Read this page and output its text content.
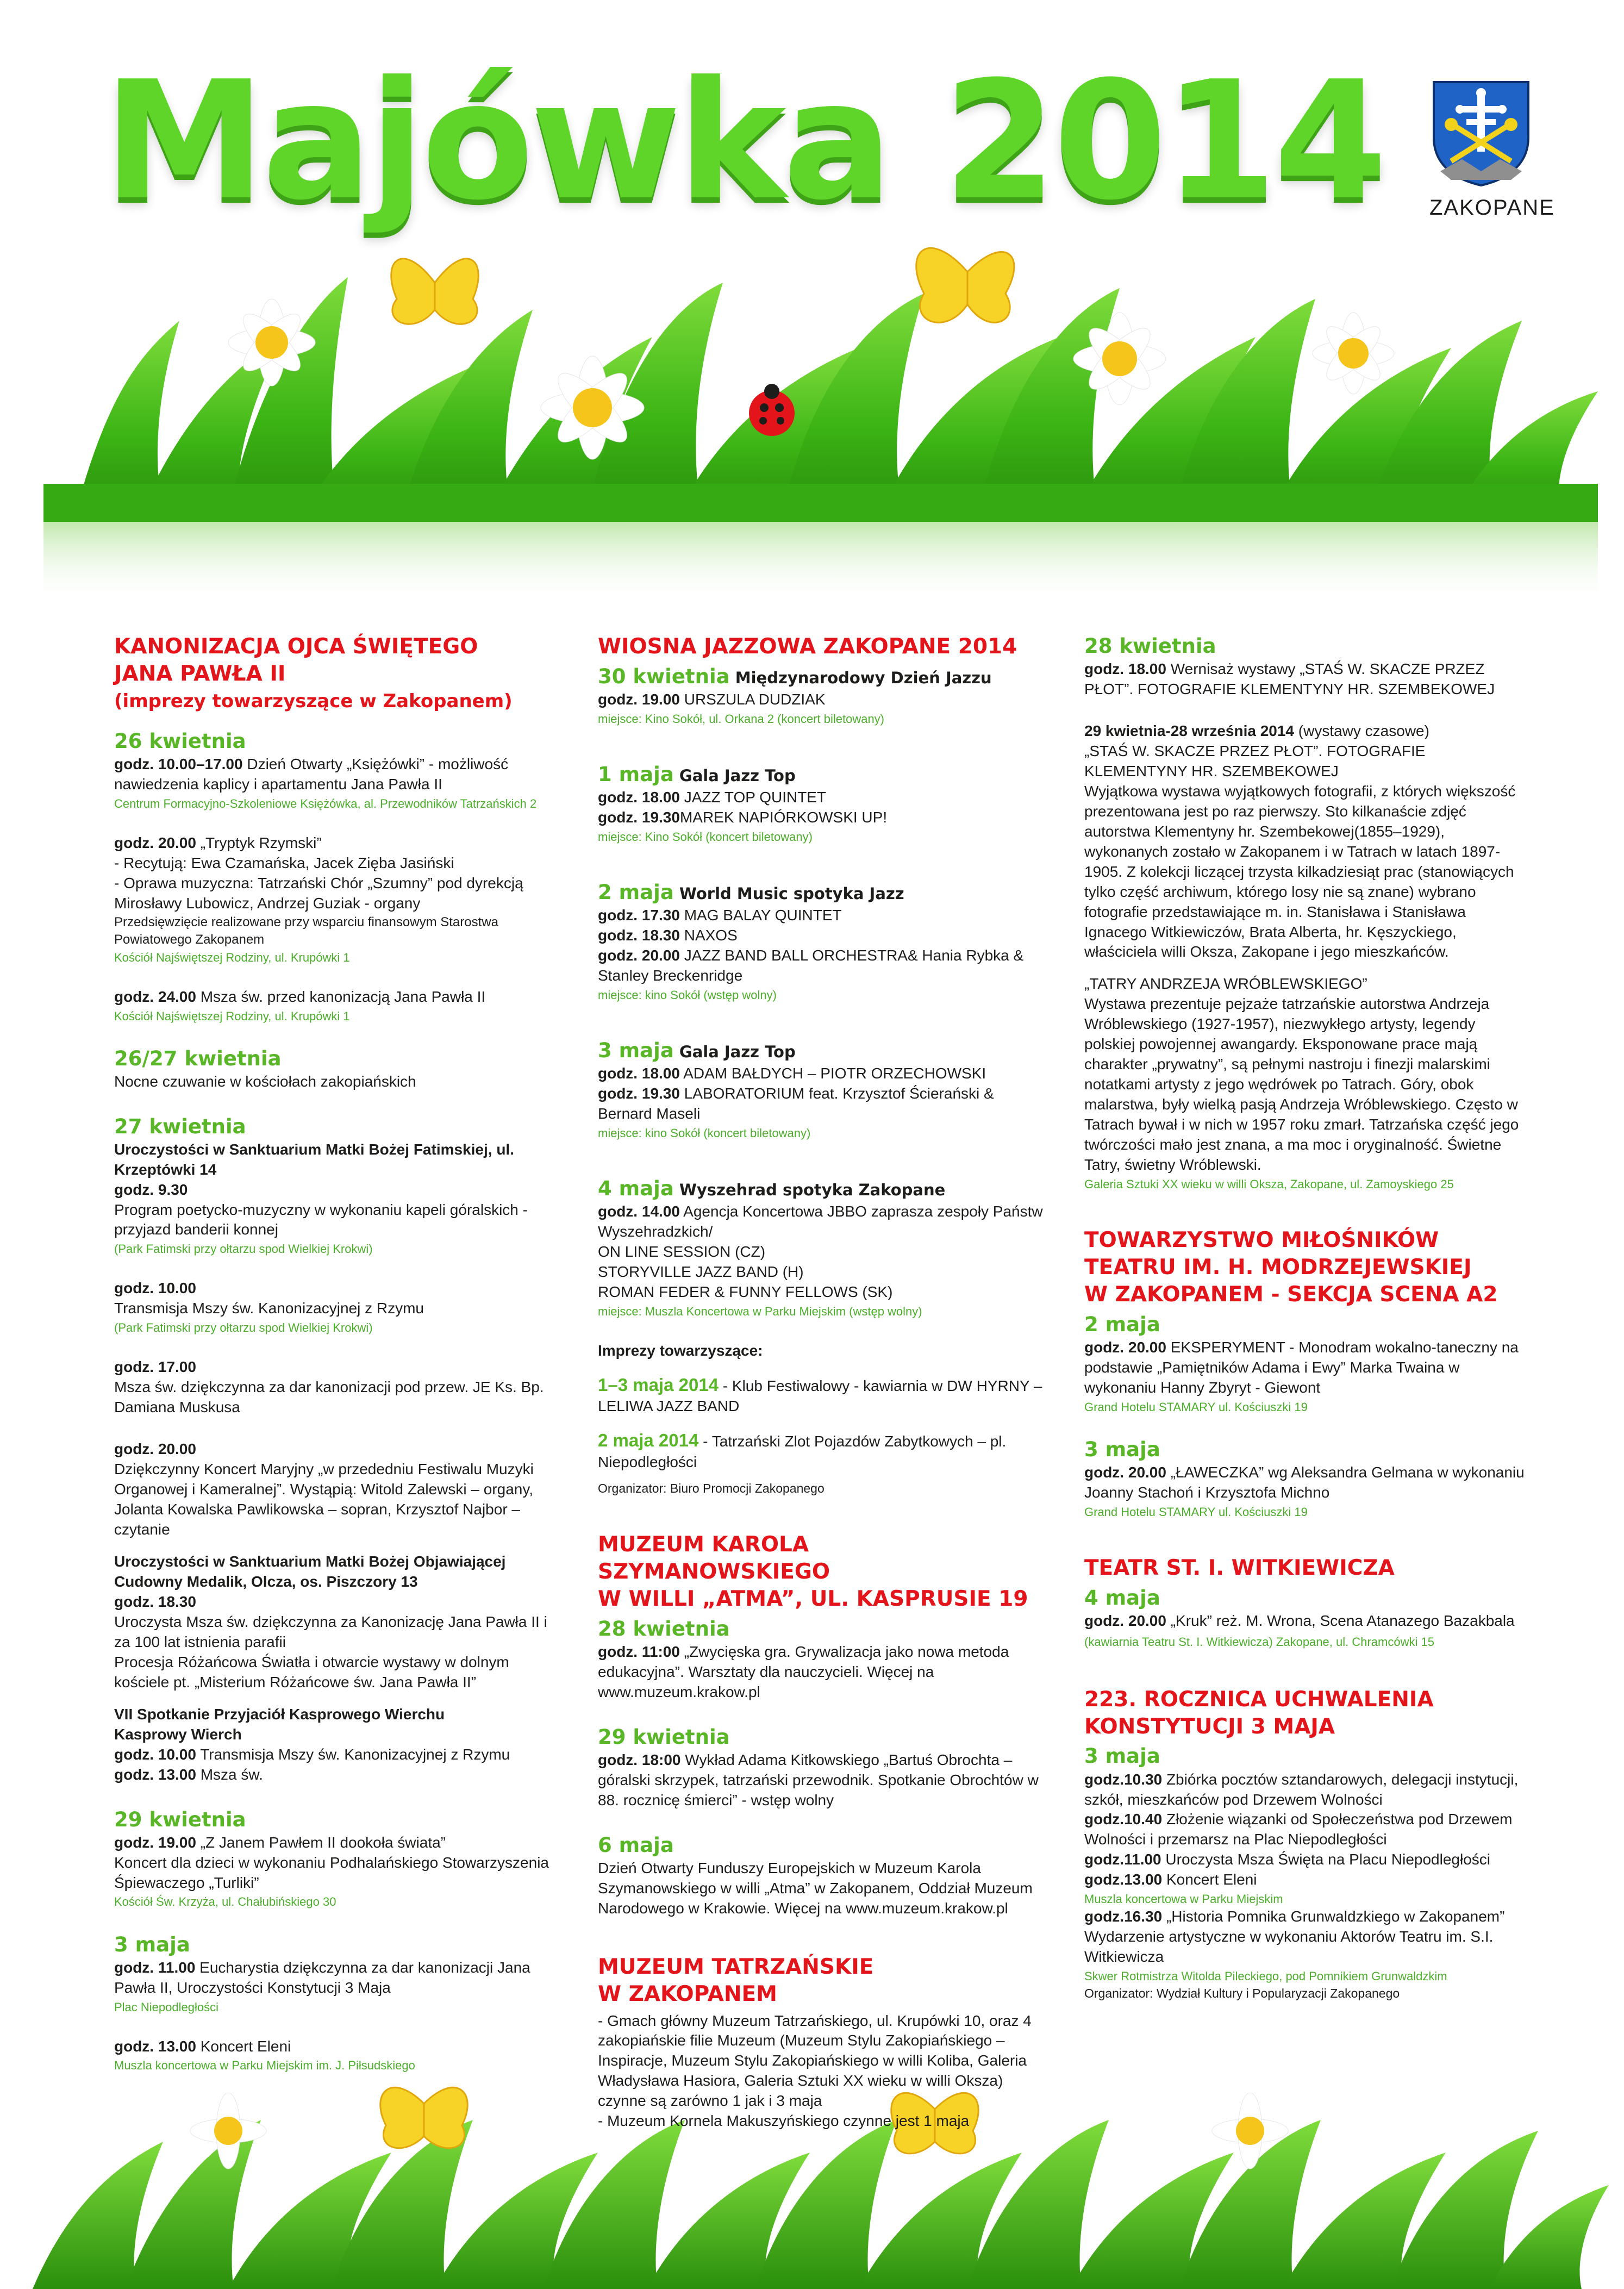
Majówka 2014 ZAKOPANE
KANONIZACJA OJCA ŚWIĘTEGO
JANA PAWŁA II
(imprezy towarzyszące w Zakopanem)
26 kwietnia

godz. 10.00–17.00 Dzień Otwarty „Księżówki” - możliwość nawiedzenia kaplicy i apartamentu Jana Pawła II

Centrum Formacyjno-Szkoleniowe Księżówka, al. Przewodników Tatrzańskich 2

godz. 20.00 „Tryptyk Rzymski”

- Recytują: Ewa Czamańska, Jacek Zięba Jasiński

- Oprawa muzyczna: Tatrzański Chór „Szumny” pod dyrekcją Mirosławy Lubowicz, Andrzej Guziak - organy

Przedsięwzięcie realizowane przy wsparciu finansowym Starostwa Powiatowego Zakopanem

Kościół Najświętszej Rodziny, ul. Krupówki 1

godz. 24.00 Msza św. przed kanonizacją Jana Pawła II

Kościół Najświętszej Rodziny, ul. Krupówki 1

26/27 kwietnia

Nocne czuwanie w kościołach zakopiańskich

27 kwietnia

Uroczystości w Sanktuarium Matki Bożej Fatimskiej, ul. Krzeptówki 14

godz. 9.30

Program poetycko-muzyczny w wykonaniu kapeli góralskich - przyjazd banderii konnej

(Park Fatimski przy ołtarzu spod Wielkiej Krokwi)

godz. 10.00

Transmisja Mszy św. Kanonizacyjnej z Rzymu

(Park Fatimski przy ołtarzu spod Wielkiej Krokwi)

godz. 17.00

Msza św. dziękczynna za dar kanonizacji pod przew. JE Ks. Bp. Damiana Muskusa

godz. 20.00

Dziękczynny Koncert Maryjny „w przededniu Festiwalu Muzyki Organowej i Kameralnej”. Wystąpią: Witold Zalewski – organy, Jolanta Kowalska Pawlikowska – sopran, Krzysztof Najbor – czytanie

Uroczystości w Sanktuarium Matki Bożej Objawiającej Cudowny Medalik, Olcza, os. Piszczory 13

godz. 18.30

Uroczysta Msza św. dziękczynna za Kanonizację Jana Pawła II i za 100 lat istnienia parafii

Procesja Różańcowa Światła i otwarcie wystawy w dolnym kościele pt. „Misterium Różańcowe św. Jana Pawła II”

VII Spotkanie Przyjaciół Kasprowego Wierchu

Kasprowy Wierch

godz. 10.00 Transmisja Mszy św. Kanonizacyjnej z Rzymu

godz. 13.00 Msza św.

29 kwietnia

godz. 19.00 „Z Janem Pawłem II dookoła świata”

Koncert dla dzieci w wykonaniu Podhalańskiego Stowarzyszenia Śpiewaczego „Turliki”

Kościół Św. Krzyża, ul. Chałubińskiego 30

3 maja

godz. 11.00 Eucharystia dziękczynna za dar kanonizacji Jana Pawła II, Uroczystości Konstytucji 3 Maja

Plac Niepodległości

godz. 13.00 Koncert Eleni

Muszla koncertowa w Parku Miejskim im. J. Piłsudskiego

WIOSNA JAZZOWA ZAKOPANE 2014
30 kwietnia Międzynarodowy Dzień Jazzu

godz. 19.00 URSZULA DUDZIAK

miejsce: Kino Sokół, ul. Orkana 2 (koncert biletowany)

1 maja Gala Jazz Top

godz. 18.00 JAZZ TOP QUINTET

godz. 19.30MAREK NAPIÓRKOWSKI UP!

miejsce: Kino Sokół (koncert biletowany)

2 maja World Music spotyka Jazz

godz. 17.30 MAG BALAY QUINTET

godz. 18.30 NAXOS

godz. 20.00 JAZZ BAND BALL ORCHESTRA& Hania Rybka & Stanley Breckenridge

miejsce: kino Sokół (wstęp wolny)

3 maja Gala Jazz Top

godz. 18.00 ADAM BAŁDYCH – PIOTR ORZECHOWSKI

godz. 19.30 LABORATORIUM feat. Krzysztof Ścierański & Bernard Maseli

miejsce: kino Sokół (koncert biletowany)

4 maja Wyszehrad spotyka Zakopane

godz. 14.00 Agencja Koncertowa JBBO zaprasza zespoły Państw Wyszehradzkich/

ON LINE SESSION (CZ)

STORYVILLE JAZZ BAND (H)

ROMAN FEDER & FUNNY FELLOWS (SK)

miejsce: Muszla Koncertowa w Parku Miejskim (wstęp wolny)

Imprezy towarzyszące:

1–3 maja 2014 - Klub Festiwalowy - kawiarnia w DW HYRNY – LELIWA JAZZ BAND

2 maja 2014 - Tatrzański Zlot Pojazdów Zabytkowych – pl. Niepodległości

Organizator: Biuro Promocji Zakopanego

MUZEUM KAROLA SZYMANOWSKIEGO
W WILLI „ATMA”, UL. KASPRUSIE 19
28 kwietnia

godz. 11:00 „Zwycięska gra. Grywalizacja jako nowa metoda edukacyjna”. Warsztaty dla nauczycieli. Więcej na www.muzeum.krakow.pl

29 kwietnia

godz. 18:00 Wykład Adama Kitkowskiego „Bartuś Obrochta – góralski skrzypek, tatrzański przewodnik. Spotkanie Obrochtów w 88. rocznicę śmierci” - wstęp wolny

6 maja

Dzień Otwarty Funduszy Europejskich w Muzeum Karola Szymanowskiego w willi „Atma” w Zakopanem, Oddział Muzeum Narodowego w Krakowie. Więcej na www.muzeum.krakow.pl

MUZEUM TATRZAŃSKIE
W ZAKOPANEM

- Gmach główny Muzeum Tatrzańskiego, ul. Krupówki 10, oraz 4 zakopiańskie filie Muzeum (Muzeum Stylu Zakopiańskiego – Inspiracje, Muzeum Stylu Zakopiańskiego w willi Koliba, Galeria Władysława Hasiora, Galeria Sztuki XX wieku w willi Oksza) czynne są zarówno 1 jak i 3 maja

- Muzeum Kornela Makuszyńskiego czynne jest 1 maja

28 kwietnia

godz. 18.00 Wernisaż wystawy „STAŚ W. SKACZE PRZEZ PŁOT”. FOTOGRAFIE KLEMENTYNY HR. SZEMBEKOWEJ

29 kwietnia-28 września 2014 (wystawy czasowe)

„STAŚ W. SKACZE PRZEZ PŁOT”. FOTOGRAFIE KLEMENTYNY HR. SZEMBEKOWEJ

Wyjątkowa wystawa wyjątkowych fotografii, z których większość prezentowana jest po raz pierwszy. Sto kilkanaście zdjęć autorstwa Klementyny hr. Szembekowej(1855–1929), wykonanych zostało w Zakopanem i w Tatrach w latach 1897-1905. Z kolekcji liczącej trzysta kilkadziesiąt prac (stanowiących tylko część archiwum, którego losy nie są znane) wybrano fotografie przedstawiające m. in. Stanisława i Stanisława Ignacego Witkiewiczów, Brata Alberta, hr. Kęszyckiego, właściciela willi Oksza, Zakopane i jego mieszkańców.

„TATRY ANDRZEJA WRÓBLEWSKIEGO”

Wystawa prezentuje pejzaże tatrzańskie autorstwa Andrzeja Wróblewskiego (1927-1957), niezwykłego artysty, legendy polskiej powojennej awangardy. Eksponowane prace mają charakter „prywatny”, są pełnymi nastroju i finezji malarskimi notatkami artysty z jego wędrówek po Tatrach. Góry, obok malarstwa, były wielką pasją Andrzeja Wróblewskiego. Często w Tatrach bywał i w nich w 1957 roku zmarł. Tatrzańska część jego twórczości mało jest znana, a ma moc i oryginalność. Świetne Tatry, świetny Wróblewski.

Galeria Sztuki XX wieku w willi Oksza, Zakopane, ul. Zamoyskiego 25

TOWARZYSTWO MIŁOŚNIKÓW
TEATRU IM. H. MODRZEJEWSKIEJ
W ZAKOPANEM - SEKCJA SCENA A2
2 maja

godz. 20.00 EKSPERYMENT - Monodram wokalno-taneczny na podstawie „Pamiętników Adama i Ewy” Marka Twaina w wykonaniu Hanny Zbyryt - Giewont

Grand Hotelu STAMARY ul. Kościuszki 19

3 maja

godz. 20.00 „ŁAWECZKA” wg Aleksandra Gelmana w wykonaniu Joanny Stachoń i Krzysztofa Michno

Grand Hotelu STAMARY ul. Kościuszki 19

TEATR ST. I. WITKIEWICZA
4 maja

godz. 20.00 „Kruk” reż. M. Wrona, Scena Atanazego Bazakbala (kawiarnia Teatru St. I. Witkiewicza) Zakopane, ul. Chramcówki 15

223. ROCZNICA UCHWALENIA
KONSTYTUCJI 3 MAJA
3 maja

godz.10.30 Zbiórka pocztów sztandarowych, delegacji instytucji, szkół, mieszkańców pod Drzewem Wolności

godz.10.40 Złożenie wiązanki od Społeczeństwa pod Drzewem Wolności i przemarsz na Plac Niepodległości

godz.11.00 Uroczysta Msza Święta na Placu Niepodległości

godz.13.00 Koncert Eleni

Muszla koncertowa w Parku Miejskim

godz.16.30 „Historia Pomnika Grunwaldzkiego w Zakopanem”

Wydarzenie artystyczne w wykonaniu Aktorów Teatru im. S.I. Witkiewicza

Skwer Rotmistrza Witolda Pileckiego, pod Pomnikiem Grunwaldzkim

Organizator: Wydział Kultury i Popularyzacji Zakopanego
